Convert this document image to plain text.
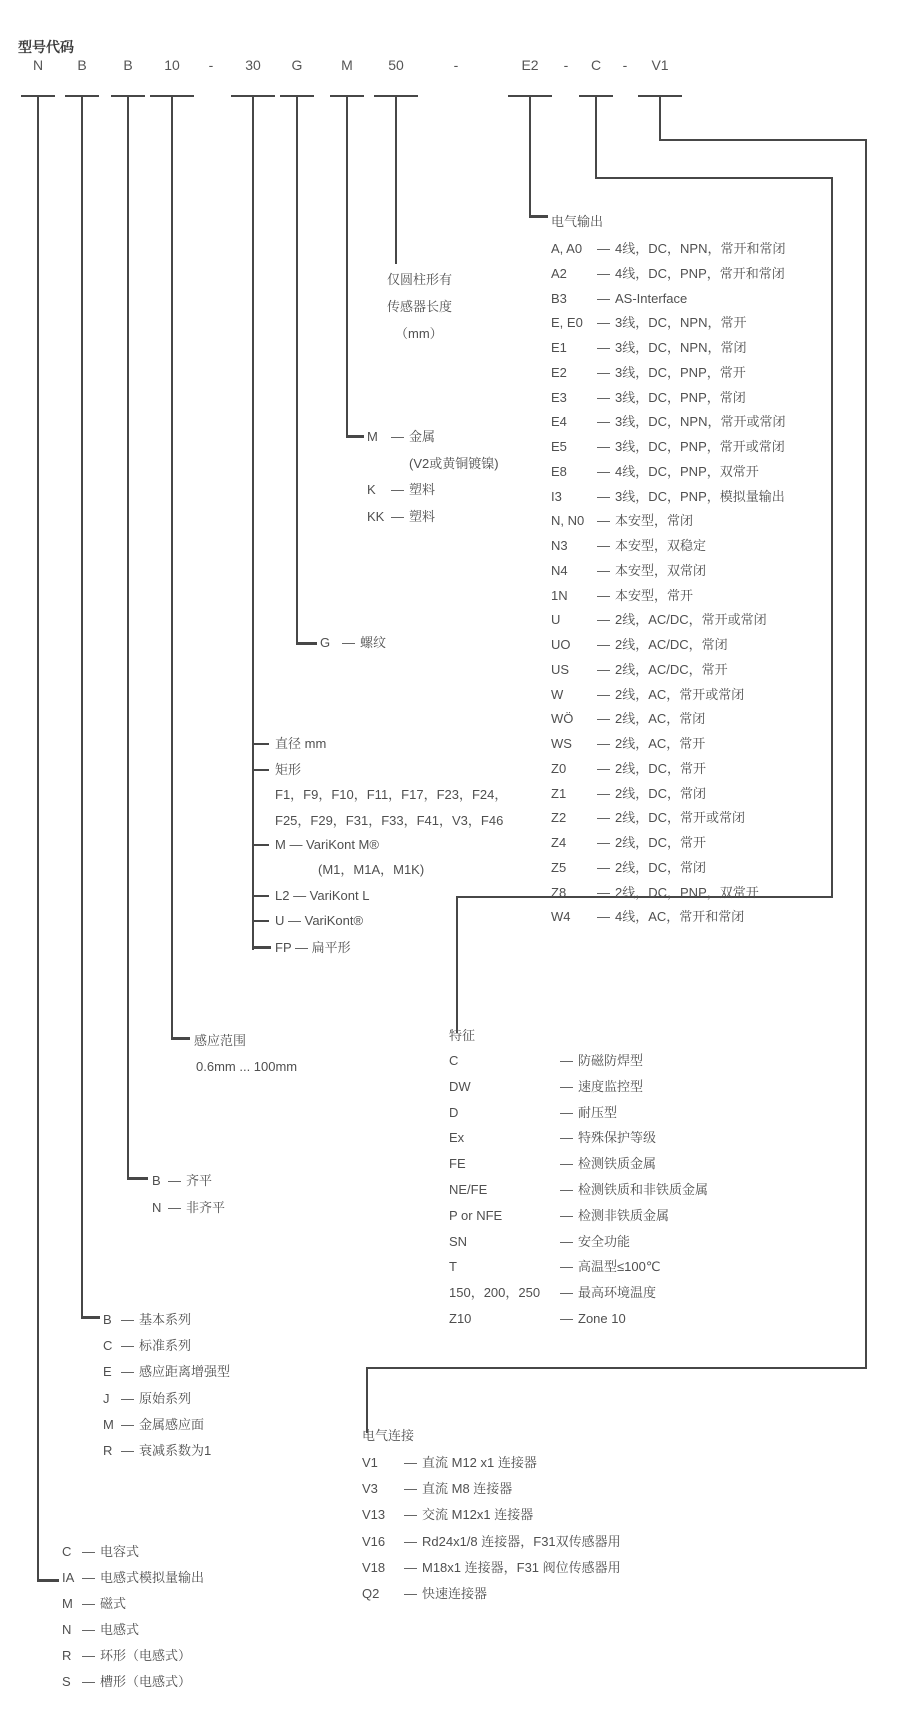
型号代码
N	B	B	10	-	30	G	M	50	-	E2	-	C	-	V1
电气输出
特征
电气连接
感应范围
0.6mm ... 100mm
A, A0 — 4线，DC，NPN，常开和常闭
A2 — 4线，DC，PNP，常开和常闭
B3 — AS-Interface
E, E0 — 3线，DC，NPN，常开
E1 — 3线，DC，NPN，常闭
E2 — 3线，DC，PNP，常开
E3 — 3线，DC，PNP，常闭
E4 — 3线，DC，NPN，常开或常闭
E5 — 3线，DC，PNP，常开或常闭
E8 — 4线，DC，PNP，双常开
I3	— 3线，DC，PNP，模拟量输出
N, N0 — 本安型，常闭
N3 — 本安型，双稳定
N4 — 本安型，双常闭
1N — 本安型，常开
U	— 2线，AC/DC，常开或常闭
UO — 2线，AC/DC，常闭
US — 2线，AC/DC，常开
W	— 2线，AC，常开或常闭
WÖ — 2线，AC，常闭
WS — 2线，AC，常开
Z0 — 2线，DC，常开
Z1 — 2线，DC，常闭
Z2 — 2线，DC，常开或常闭
Z4 — 2线，DC，常开
Z5 — 2线，DC，常闭
Z8 — 2线，DC，PNP，双常开
W4 — 4线，AC，常开和常闭
C	— 防磁防焊型
DW	— 速度监控型
D	— 耐压型
Ex	— 特殊保护等级
FE	— 检测铁质金属
NE/FE	— 检测铁质和非铁质金属
P or NFE	— 检测非铁质金属
SN	— 安全功能
T	— 高温型≤100℃
150，200，250 — 最高环境温度
Z10	— Zone 10
V1 — 直流 M12 x1 连接器
V3 — 直流 M8 连接器
V13 — 交流 M12x1 连接器
V16 — Rd24x1/8 连接器，F31双传感器用
V18 — M18x1 连接器，F31 阀位传感器用
Q2 — 快速连接器
B — 基本系列
C — 标准系列
E — 感应距离增强型
J — 原始系列
M — 金属感应面
R — 衰减系数为1
C — 电容式
IA — 电感式模拟量输出
M — 磁式
N — 电感式
R — 环形（电感式）
S — 槽形（电感式）
B — 齐平
N — 非齐平
M — 金属
(V2或黄铜镀镍)
K — 塑料
KK — 塑料
G — 螺纹
直径 mm
矩形
F1，F9，F10，F11，F17，F23，F24，
F25，F29，F31，F33，F41，V3，F46
M — VariKont M®
(M1，M1A，M1K)
L2 — VariKont L
U — VariKont®
FP — 扁平形
仅圆柱形有
传感器长度
（mm）
